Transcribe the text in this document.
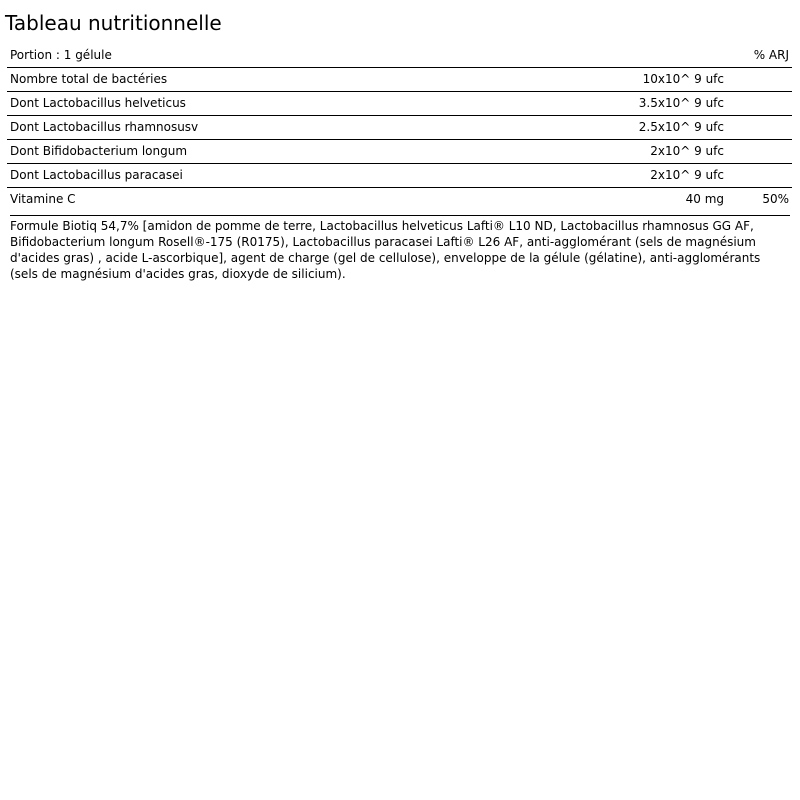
Tableau nutritionnelle
Portion : 1 gélule		% ARJ
Nombre total de bactéries	10x10^ 9 ufc	
Dont Lactobacillus helveticus	3.5x10^ 9 ufc	
Dont Lactobacillus rhamnosusv	2.5x10^ 9 ufc	
Dont Bifidobacterium longum	2x10^ 9 ufc	
Dont Lactobacillus paracasei	2x10^ 9 ufc	
Vitamine C	40 mg	50%

Formule Biotiq 54,7% [amidon de pomme de terre, Lactobacillus helveticus Lafti® L10 ND, Lactobacillus rhamnosus GG AF, Bifidobacterium longum Rosell®-175 (R0175), Lactobacillus paracasei Lafti® L26 AF, anti-agglomérant (sels de magnésium d'acides gras) , acide L-ascorbique], agent de charge (gel de cellulose), enveloppe de la gélule (gélatine), anti-agglomérants (sels de magnésium d'acides gras, dioxyde de silicium).
